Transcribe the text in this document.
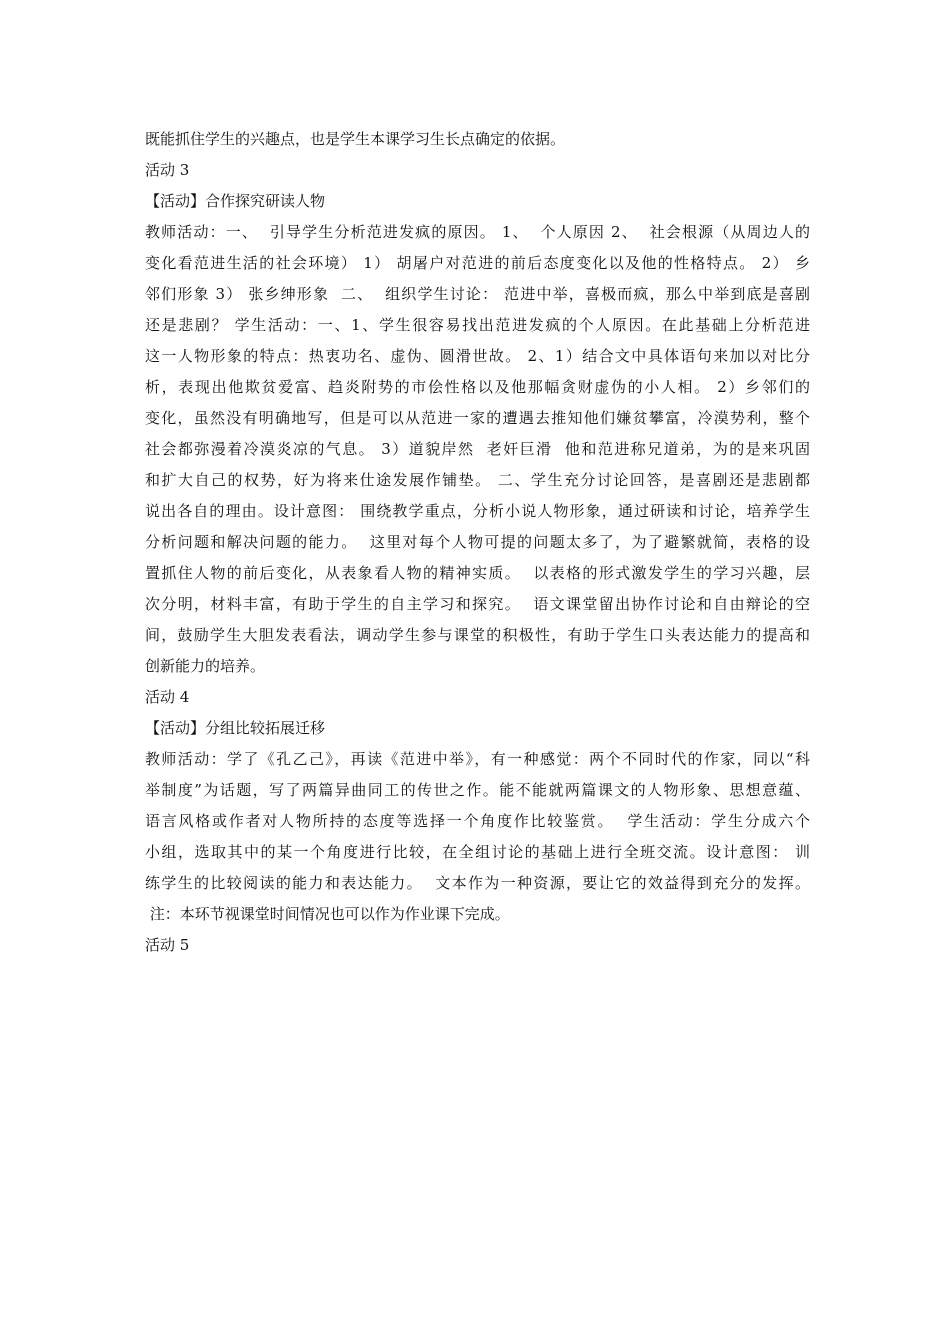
既能抓住学生的兴趣点，也是学生本课学习生长点确定的依据。
活动 3
【活动】合作探究研读人物
教师活动：一、  引导学生分析范进发疯的原因。 1、  个人原因 2、  社会根源（从周边人的
变化看范进生活的社会环境） 1） 胡屠户对范进的前后态度变化以及他的性格特点。 2） 乡
邻们形象 3） 张乡绅形象  二、  组织学生讨论： 范进中举，喜极而疯，那么中举到底是喜剧
还是悲剧？ 学生活动：一、1、学生很容易找出范进发疯的个人原因。在此基础上分析范进
这一人物形象的特点：热衷功名、虚伪、圆滑世故。 2、1）结合文中具体语句来加以对比分
析，表现出他欺贫爱富、趋炎附势的市侩性格以及他那幅贪财虚伪的小人相。 2）乡邻们的
变化，虽然没有明确地写，但是可以从范进一家的遭遇去推知他们嫌贫攀富，冷漠势利，整个
社会都弥漫着冷漠炎凉的气息。 3）道貌岸然  老奸巨滑  他和范进称兄道弟，为的是来巩固
和扩大自己的权势，好为将来仕途发展作铺垫。 二、学生充分讨论回答，是喜剧还是悲剧都
说出各自的理由。设计意图： 围绕教学重点，分析小说人物形象，通过研读和讨论，培养学生
分析问题和解决问题的能力。  这里对每个人物可提的问题太多了，为了避繁就简，表格的设
置抓住人物的前后变化，从表象看人物的精神实质。  以表格的形式激发学生的学习兴趣，层
次分明，材料丰富，有助于学生的自主学习和探究。  语文课堂留出协作讨论和自由辩论的空
间，鼓励学生大胆发表看法，调动学生参与课堂的积极性，有助于学生口头表达能力的提高和
创新能力的培养。
活动 4
【活动】分组比较拓展迁移
教师活动：学了《孔乙己》，再读《范进中举》，有一种感觉：两个不同时代的作家，同以“科
举制度”为话题，写了两篇异曲同工的传世之作。能不能就两篇课文的人物形象、思想意蕴、
语言风格或作者对人物所持的态度等选择一个角度作比较鉴赏。  学生活动：学生分成六个
小组，选取其中的某一个角度进行比较，在全组讨论的基础上进行全班交流。设计意图： 训
练学生的比较阅读的能力和表达能力。  文本作为一种资源，要让它的效益得到充分的发挥。
注：本环节视课堂时间情况也可以作为作业课下完成。
活动 5
